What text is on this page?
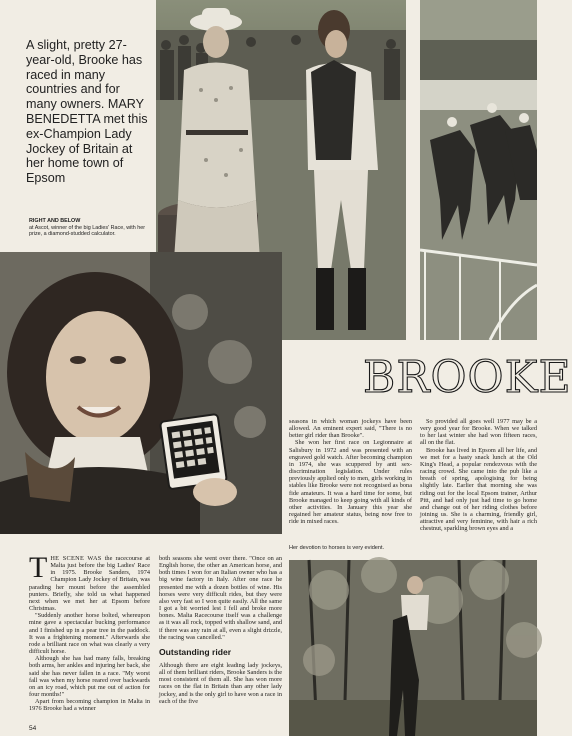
A slight, pretty 27-year-old, Brooke has raced in many countries and for many owners. MARY BENEDETTA met this ex-Champion Lady Jockey of Britain at her home town of Epsom
RIGHT AND BELOW
at Ascot, winner of the big Ladies' Race, with her prize, a diamond-studded calculator.
BROOKE

THE SCENE WAS the racecourse at Malta just before the big Ladies' Race in 1975. Brooke Sanders, 1974 Champion Lady Jockey of Britain, was parading her mount before the assembled punters. Briefly, she told us what happened next when we met her at Epsom before Christmas.

"Suddenly another horse bolted, whereupon mine gave a spectacular bucking performance and I finished up in a pear tree in the paddock. It was a frightening moment." Afterwards she rode a brilliant race on what was clearly a very difficult horse.

Although she has had many falls, breaking both arms, her ankles and injuring her back, she said she has never fallen in a race. "My worst fall was when my horse reared over backwards on an icy road, which put me out of action for four months!"

Apart from becoming champion in Malta in 1976 Brooke had a winner

both seasons she went over there. "Once on an English horse, the other an American horse, and both times I won for an Italian owner who has a big wine factory in Italy. After one race he presented me with a dozen bottles of wine. His horses were very difficult rides, but they were also very fast so I won quite easily. All the same I got a bit worried lest I fell and broke more bones. Malta Racecourse itself was a challenge as it was all rock, topped with shallow sand, and if there was any rain at all, even a slight drizzle, the racing was cancelled."

Outstanding rider

Although there are eight leading lady jockeys, all of them brilliant riders, Brooke Sanders is the most consistent of them all. She has won more races on the flat in Britain than any other lady jockey, and is the only girl to have won a race in each of the five

seasons in which woman jockeys have been allowed. An eminent expert said, "There is no better girl rider than Brooke".

She won her first race on Legionnaire at Salisbury in 1972 and was presented with an engraved gold watch. After becoming champion in 1974, she was scuppered by anti sex-discrimination legislation. Under rules previously applied only to men, girls working in stables like Brooke were not recognised as bona fide amateurs. It was a hard time for some, but Brooke managed to keep going with all kinds of other activities. In January this year she regained her amateur status, being now free to ride in mixed races.

So provided all goes well 1977 may be a very good year for Brooke. When we talked to her last winter she had won fifteen races, all on the flat.

Brooke has lived in Epsom all her life, and we met for a hasty snack lunch at the Old King's Head, a popular rendezvous with the racing crowd. She came into the pub like a breath of spring, apologising for being slightly late. Earlier that morning she was riding out for the local Epsom trainer, Arthur Pitt, and had only just had time to go home and change out of her riding clothes before joining us. She is a charming, friendly girl, attractive and very feminine, with hair a rich chestnut, sparkling brown eyes and a

Her devotion to horses is very evident.
54
